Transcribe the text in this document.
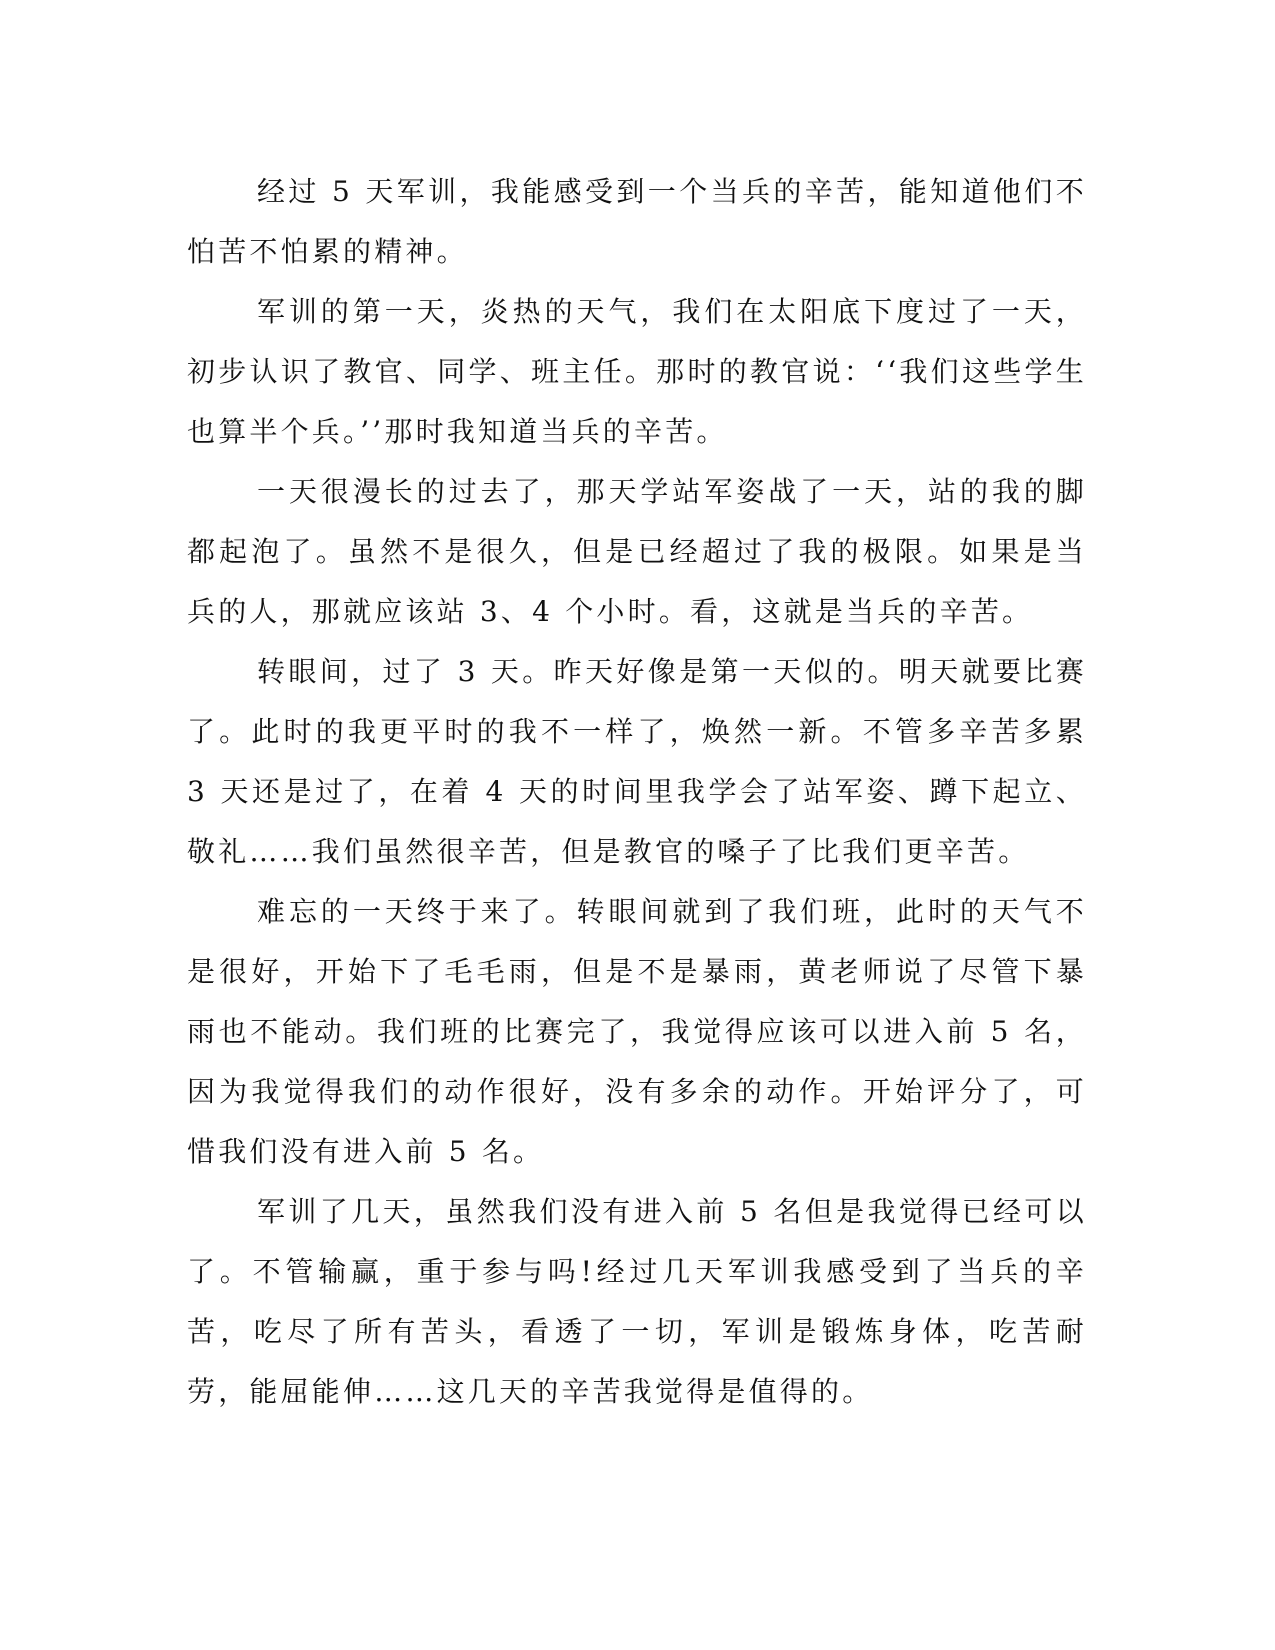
经过 5 天军训，我能感受到一个当兵的辛苦，能知道他们不怕苦不怕累的精神。

军训的第一天，炎热的天气，我们在太阳底下度过了一天，初步认识了教官、同学、班主任。那时的教官说：‘‘我们这些学生也算半个兵。’’那时我知道当兵的辛苦。

一天很漫长的过去了，那天学站军姿战了一天，站的我的脚都起泡了。虽然不是很久，但是已经超过了我的极限。如果是当兵的人，那就应该站 3、4 个小时。看，这就是当兵的辛苦。

转眼间，过了 3 天。昨天好像是第一天似的。明天就要比赛了。此时的我更平时的我不一样了，焕然一新。不管多辛苦多累 3 天还是过了，在着 4 天的时间里我学会了站军姿、蹲下起立、敬礼……我们虽然很辛苦，但是教官的嗓子了比我们更辛苦。

难忘的一天终于来了。转眼间就到了我们班，此时的天气不是很好，开始下了毛毛雨，但是不是暴雨，黄老师说了尽管下暴雨也不能动。我们班的比赛完了，我觉得应该可以进入前 5 名，因为我觉得我们的动作很好，没有多余的动作。开始评分了，可惜我们没有进入前 5 名。

军训了几天，虽然我们没有进入前 5 名但是我觉得已经可以了。不管输赢，重于参与吗!经过几天军训我感受到了当兵的辛苦，吃尽了所有苦头，看透了一切，军训是锻炼身体，吃苦耐劳，能屈能伸……这几天的辛苦我觉得是值得的。
